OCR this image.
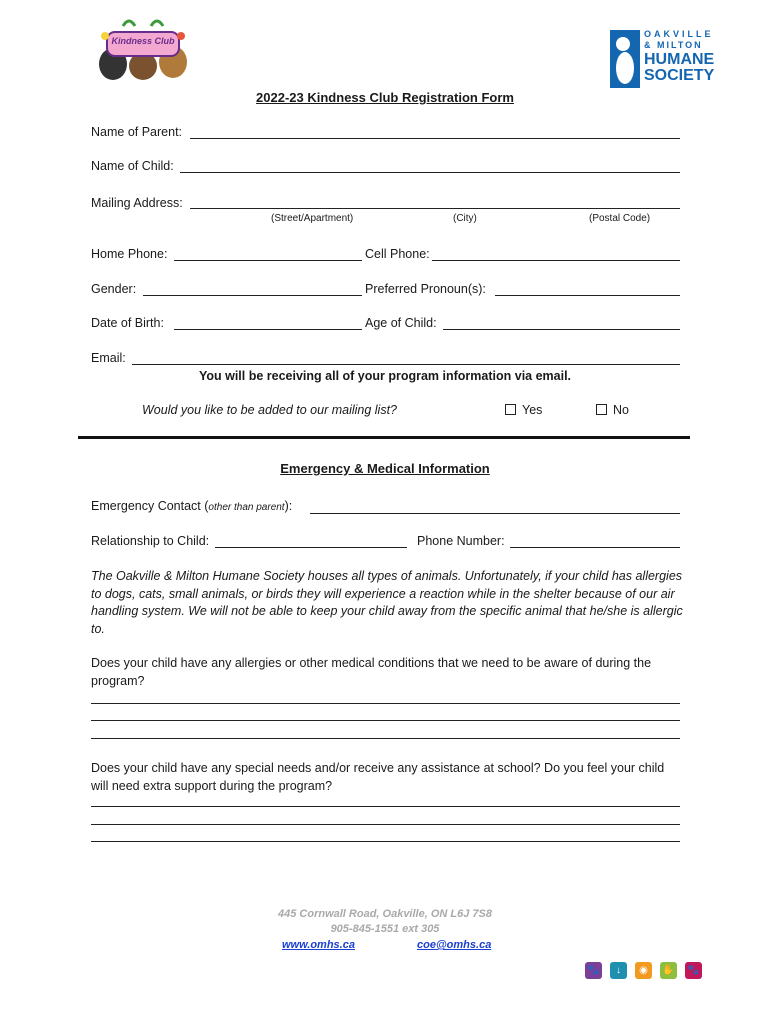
Kindness Club
OAKVILLE
& MILTON
HUMANE
SOCIETY
2022-23 Kindness Club Registration Form
Name of Parent:
Name of Child:
Mailing Address:
(Street/Apartment)	(City)	(Postal Code)
Home Phone:	Cell Phone:
Gender:	Preferred Pronoun(s):
Date of Birth:	Age of Child:
Email:
You will be receiving all of your program information via email.
Would you like to be added to our mailing list?	Yes	No
Emergency & Medical Information
Emergency Contact (other than parent):
Relationship to Child:	Phone Number:
The Oakville & Milton Humane Society houses all types of animals. Unfortunately, if your child has allergies to dogs, cats, small animals, or birds they will experience a reaction while in the shelter because of our air handling system. We will not be able to keep your child away from the specific animal that he/she is allergic to.
Does your child have any allergies or other medical conditions that we need to be aware of during the program?
Does your child have any special needs and/or receive any assistance at school? Do you feel your child will need extra support during the program?
445 Cornwall Road, Oakville, ON L6J 7S8
905-845-1551 ext 305
www.omhs.ca	coe@omhs.ca
🐾	↓	◉	✋ 🐾
